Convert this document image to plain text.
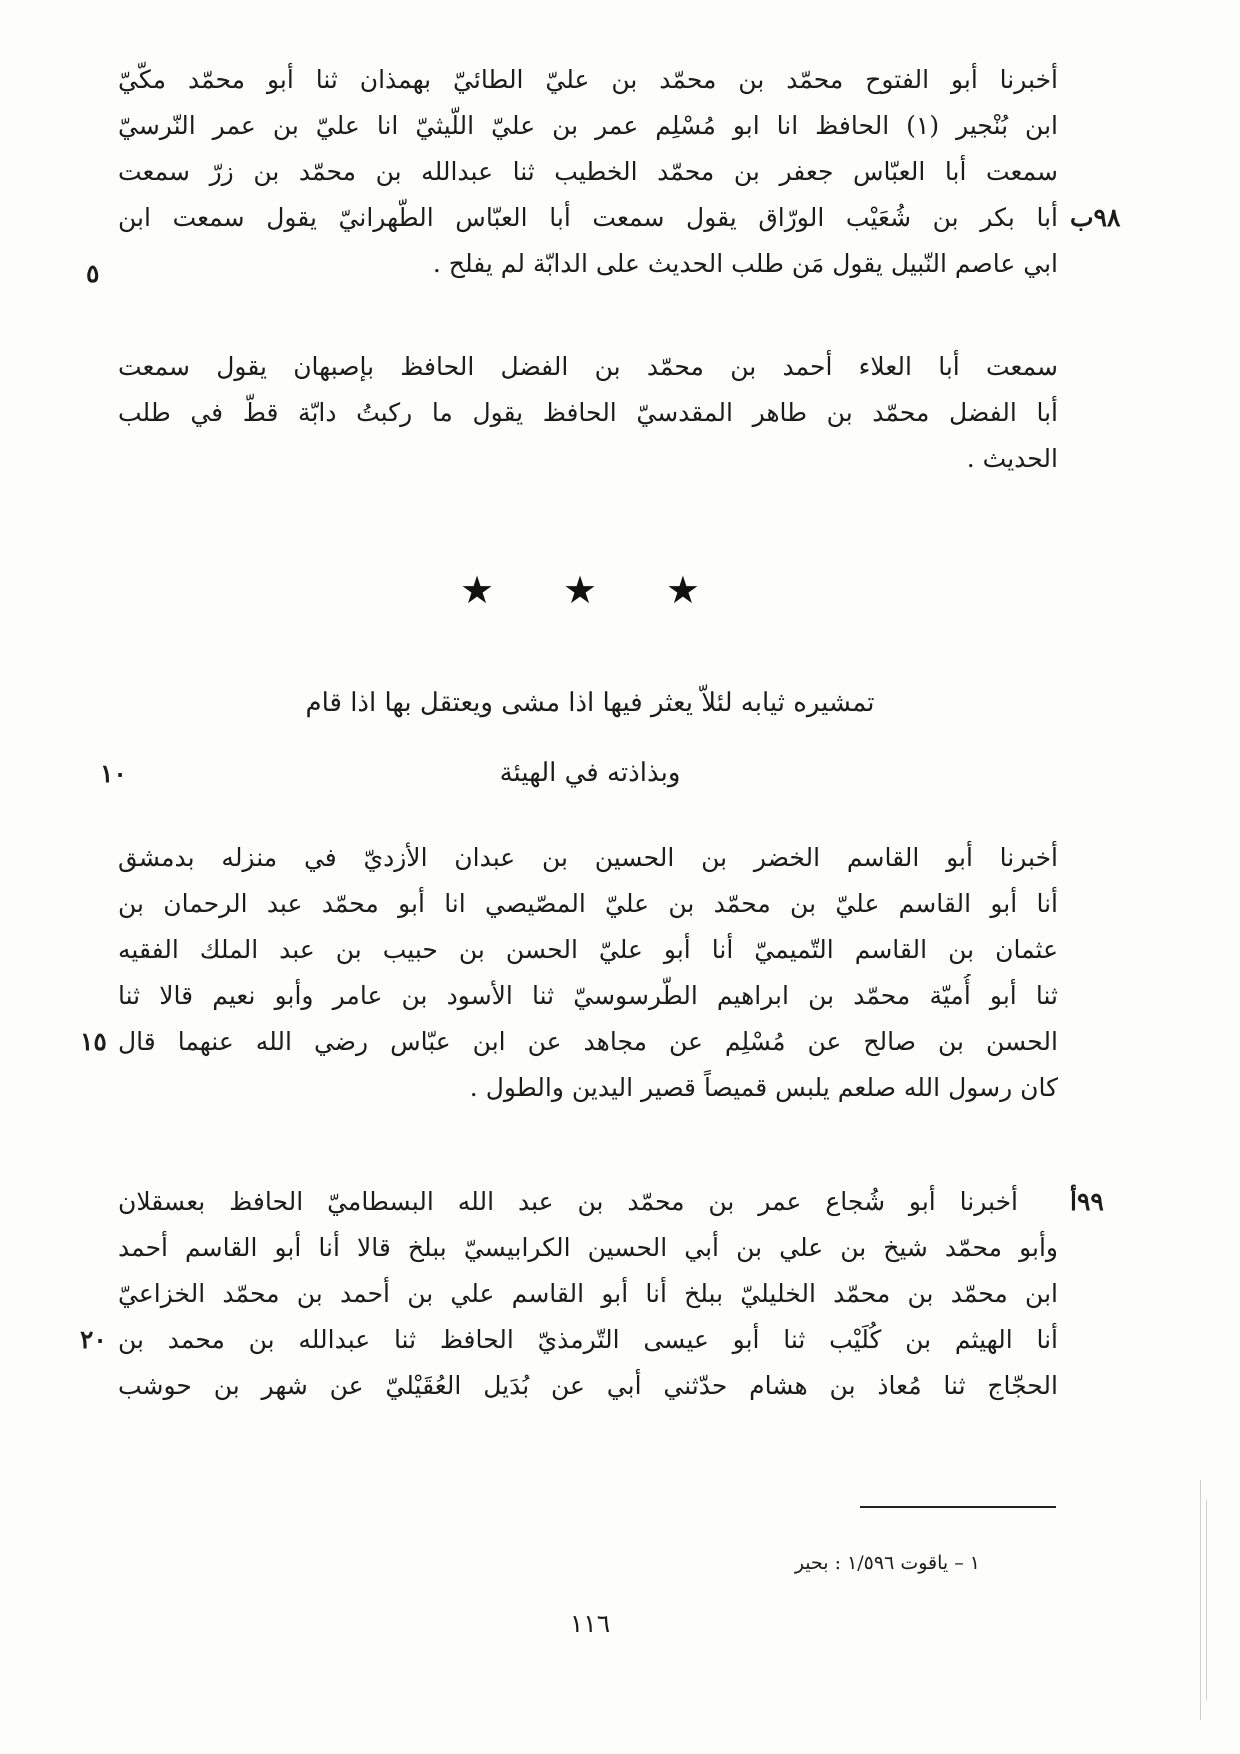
أخبرنا أبو الفتوح محمّد بن محمّد بن عليّ الطائيّ بهمذان ثنا أبو محمّد مكّيّ
ابن بُنْجير (١) الحافظ انا ابو مُسْلِم عمر بن عليّ اللّيثيّ انا عليّ بن عمر النّرسيّ
سمعت أبا العبّاس جعفر بن محمّد الخطيب ثنا عبدالله بن محمّد بن زرّ سمعت
أبا بكر بن شُعَيْب الورّاق يقول سمعت أبا العبّاس الطّهرانيّ يقول سمعت ابن
ابي عاصم النّبيل يقول مَن طلب الحديث على الدابّة لم يفلح .
٩٨ب
٥
سمعت أبا العلاء أحمد بن محمّد بن الفضل الحافظ بإصبهان يقول سمعت
أبا الفضل محمّد بن طاهر المقدسيّ الحافظ يقول ما ركبتُ دابّة قطّ في طلب
الحديث .
★ ★ ★
تمشيره ثيابه لئلاّ يعثر فيها اذا مشى ويعتقل بها اذا قام
وبذاذته في الهيئة
١٠
أخبرنا أبو القاسم الخضر بن الحسين بن عبدان الأزديّ في منزله بدمشق
أنا أبو القاسم عليّ بن محمّد بن عليّ المصّيصي انا أبو محمّد عبد الرحمان بن
عثمان بن القاسم التّميميّ أنا أبو عليّ الحسن بن حبيب بن عبد الملك الفقيه
ثنا أبو أُميّة محمّد بن ابراهيم الطّرسوسيّ ثنا الأسود بن عامر وأبو نعيم قالا ثنا
الحسن بن صالح عن مُسْلِم عن مجاهد عن ابن عبّاس رضي الله عنهما قال
كان رسول الله صلعم يلبس قميصاً قصير اليدين والطول .
١٥
أخبرنا أبو شُجاع عمر بن محمّد بن عبد الله البسطاميّ الحافظ بعسقلان
وأبو محمّد شيخ بن علي بن أبي الحسين الكرابيسيّ ببلخ قالا أنا أبو القاسم أحمد
ابن محمّد بن محمّد الخليليّ ببلخ أنا أبو القاسم علي بن أحمد بن محمّد الخزاعيّ
أنا الهيثم بن كُلَيْب ثنا أبو عيسى التّرمذيّ الحافظ ثنا عبدالله بن محمد بن
الحجّاج ثنا مُعاذ بن هشام حدّثني أبي عن بُدَيل العُقَيْليّ عن شهر بن حوشب
٩٩أ
٢٠
١ – ياقوت ١/٥٩٦ : بحير
١١٦
